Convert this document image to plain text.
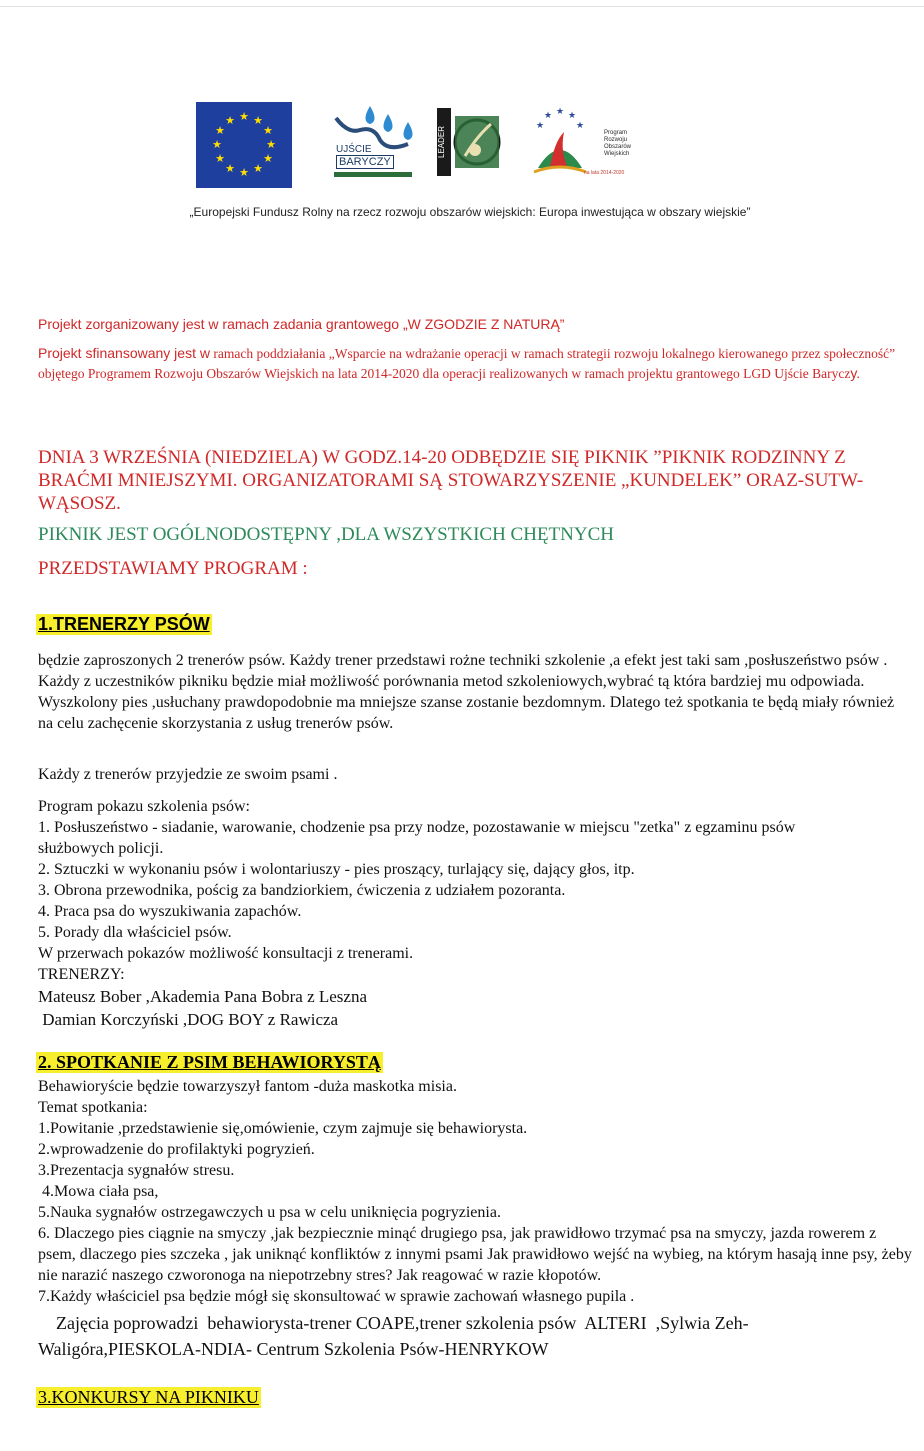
★ ★
★
★
★
★
★
★
★
★
★
★
UJŚCIE
BARYCZY
LEADER
★ ★
★
★
★
Program Rozwoju Obszarów Wiejskich
na lata 2014-2020

„Europejski Fundusz Rolny na rzecz rozwoju obszarów wiejskich: Europa inwestująca w obszary wiejskie”

Projekt zorganizowany jest w ramach zadania grantowego „W ZGODZIE Z NATURĄ”

Projekt sfinansowany jest w ramach poddziałania „Wsparcie na wdrażanie operacji w ramach strategii rozwoju lokalnego kierowanego przez społeczność” objętego Programem Rozwoju Obszarów Wiejskich na lata 2014-2020 dla operacji realizowanych w ramach projektu grantowego LGD Ujście Baryczy.

DNIA 3 WRZEŚNIA (NIEDZIELA) W GODZ.14-20 ODBĘDZIE SIĘ PIKNIK ”PIKNIK RODZINNY Z BRAĆMI MNIEJSZYMI. ORGANIZATORAMI SĄ STOWARZYSZENIE „KUNDELEK” ORAZ-SUTW-WĄSOSZ.

PIKNIK JEST OGÓLNODOSTĘPNY ,DLA WSZYSTKICH CHĘTNYCH

PRZEDSTAWIAMY PROGRAM :

1.TRENERZY PSÓW

będzie zaproszonych 2 trenerów psów. Każdy trener przedstawi rożne techniki szkolenie ,a efekt jest taki sam ,posłuszeństwo psów . Każdy z uczestników pikniku będzie miał możliwość porównania metod szkoleniowych,wybrać tą która bardziej mu odpowiada. Wyszkolony pies ,usłuchany prawdopodobnie ma mniejsze szanse zostanie bezdomnym. Dlatego też spotkania te będą miały również na celu zachęcenie skorzystania z usług trenerów psów.

Każdy z trenerów przyjedzie ze swoim psami .

Program pokazu szkolenia psów:
1. Posłuszeństwo - siadanie, warowanie, chodzenie psa przy nodze, pozostawanie w miejscu "zetka" z egzaminu psów
służbowych policji.
2. Sztuczki w wykonaniu psów i wolontariuszy - pies proszący, turlający się, dający głos, itp.
3. Obrona przewodnika, pościg za bandziorkiem, ćwiczenia z udziałem pozoranta.
4. Praca psa do wyszukiwania zapachów.
5. Porady dla właściciel psów.
W przerwach pokazów możliwość konsultacji z trenerami.
TRENERZY:
Mateusz Bober ,Akademia Pana Bobra z Leszna
Damian Korczyński ,DOG BOY z Rawicza

2. SPOTKANIE Z PSIM BEHAWIORYSTĄ

Behawioryście będzie towarzyszył fantom -duża maskotka misia.
Temat spotkania:
1.Powitanie ,przedstawienie się,omówienie, czym zajmuje się behawiorysta.
2.wprowadzenie do profilaktyki pogryzień.
3.Prezentacja sygnałów stresu.
4.Mowa ciała psa,
5.Nauka sygnałów ostrzegawczych u psa w celu uniknięcia pogryzienia.
6. Dlaczego pies ciągnie na smyczy ,jak bezpiecznie minąć drugiego psa, jak prawidłowo trzymać psa na smyczy, jazda rowerem z psem, dlaczego pies szczeka , jak uniknąć konfliktów z innymi psami Jak prawidłowo wejść na wybieg, na którym hasają inne psy, żeby nie narazić naszego czworonoga na niepotrzebny stres? Jak reagować w razie kłopotów.
7.Każdy właściciel psa będzie mógł się skonsultować w sprawie zachowań własnego pupila .

Zajęcia poprowadzi  behawiorysta-trener COAPE,trener szkolenia psów  ALTERI  ,Sylwia Zeh-Waligóra,PIESKOLA-NDIA- Centrum Szkolenia Psów-HENRYKOW

3.KONKURSY NA PIKNIKU
